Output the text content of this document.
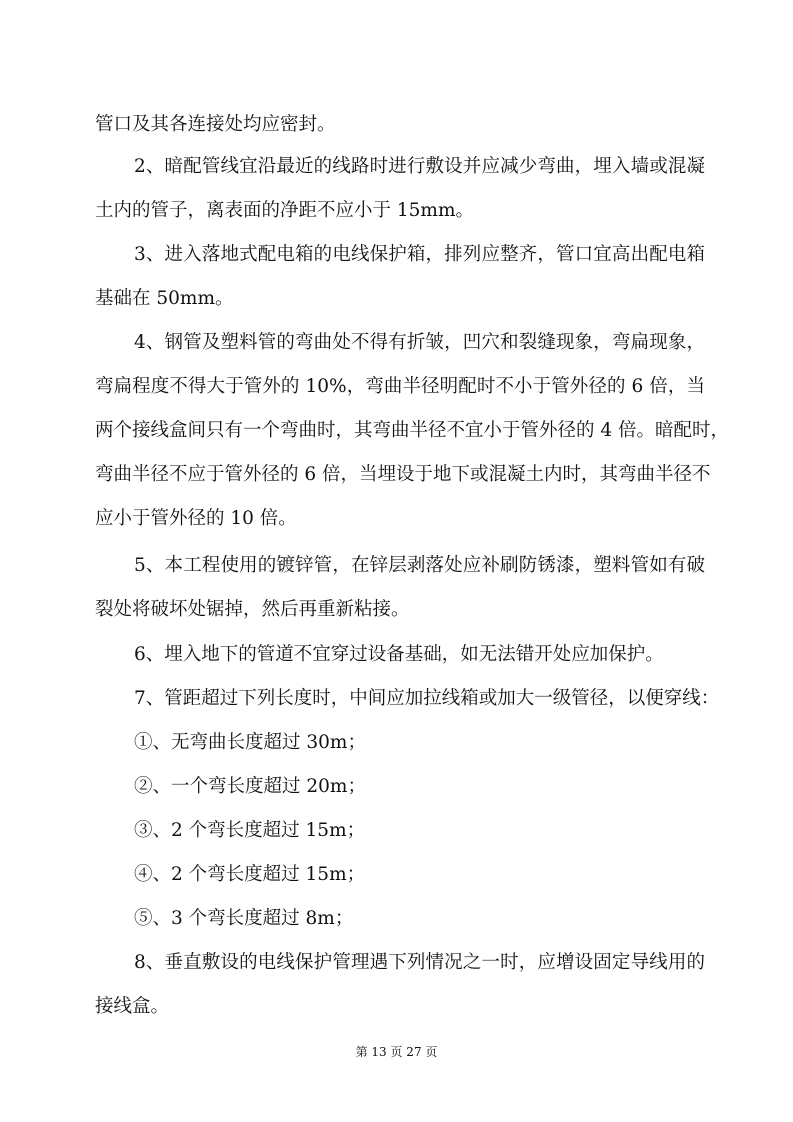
管口及其各连接处均应密封。
2、暗配管线宜沿最近的线路时进行敷设并应减少弯曲，埋入墙或混凝
土内的管子，离表面的净距不应小于 15mm。
3、进入落地式配电箱的电线保护箱，排列应整齐，管口宜高出配电箱
基础在 50mm。
4、钢管及塑料管的弯曲处不得有折皱，凹穴和裂缝现象，弯扁现象，
弯扁程度不得大于管外的 10%，弯曲半径明配时不小于管外径的 6 倍，当
两个接线盒间只有一个弯曲时，其弯曲半径不宜小于管外径的 4 倍。暗配时，
弯曲半径不应于管外径的 6 倍，当埋设于地下或混凝土内时，其弯曲半径不
应小于管外径的 10 倍。
5、本工程使用的镀锌管，在锌层剥落处应补刷防锈漆，塑料管如有破
裂处将破坏处锯掉，然后再重新粘接。
6、埋入地下的管道不宜穿过设备基础，如无法错开处应加保护。
7、管距超过下列长度时，中间应加拉线箱或加大一级管径，以便穿线：
①、无弯曲长度超过 30m；
②、一个弯长度超过 20m；
③、2 个弯长度超过 15m；
④、2 个弯长度超过 15m；
⑤、3 个弯长度超过 8m；
8、垂直敷设的电线保护管理遇下列情况之一时，应增设固定导线用的
接线盒。
第 13 页 27 页
